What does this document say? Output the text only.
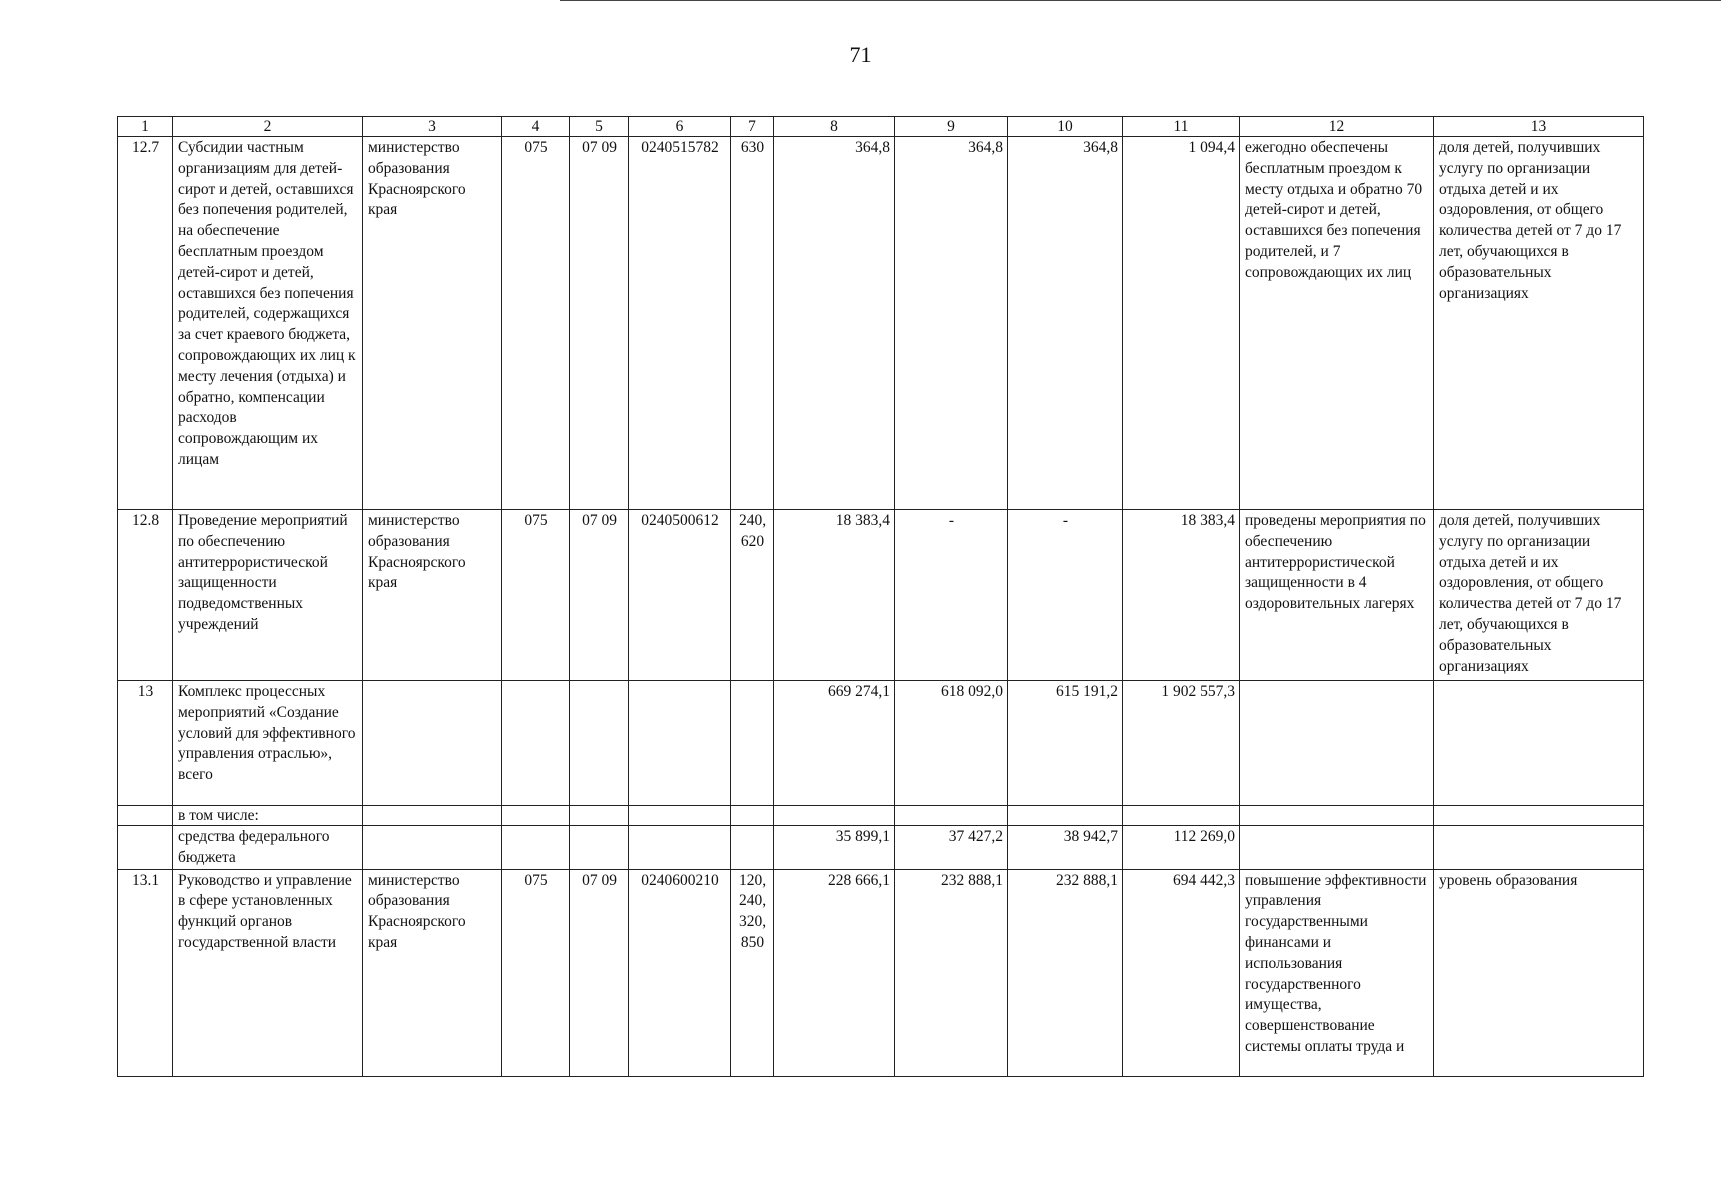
71
1	2	3	4	5	6	7	8	9	10	11	12	13
12.7	Субсидии частным организациям для детей-сирот и детей, оставшихся без попечения родителей, на обеспечение бесплатным проездом детей-сирот и детей, оставшихся без попечения родителей, содержащихся за счет краевого бюджета, сопровождающих их лиц к месту лечения (отдыха) и обратно, компенсации расходов сопровождающим их лицам	министерство образования Красноярского края	075	07 09	0240515782	630	364,8	364,8	364,8	1 094,4	ежегодно обеспечены бесплатным проездом к месту отдыха и обратно 70 детей-сирот и детей, оставшихся без попечения родителей, и 7 сопровождающих их лиц	доля детей, получивших услугу по организации отдыха детей и их оздоровления, от общего количества детей от 7 до 17 лет, обучающихся в образовательных организациях
12.8	Проведение мероприятий по обеспечению антитеррористической защищенности подведомственных учреждений	министерство образования Красноярского края	075	07 09	0240500612	240, 620	18 383,4	-	-	18 383,4	проведены мероприятия по обеспечению антитеррористической защищенности в 4 оздоровительных лагерях	доля детей, получивших услугу по организации отдыха детей и их оздоровления, от общего количества детей от 7 до 17 лет, обучающихся в образовательных организациях
13	Комплекс процессных мероприятий «Создание условий для эффективного управления отраслью», всего						669 274,1	618 092,0	615 191,2	1 902 557,3		
	в том числе:											
	средства федерального бюджета						35 899,1	37 427,2	38 942,7	112 269,0		
13.1	Руководство и управление в сфере установленных функций органов государственной власти	министерство образования Красноярского края	075	07 09	0240600210	120, 240, 320, 850	228 666,1	232 888,1	232 888,1	694 442,3	повышение эффективности управления государственными финансами и использования государственного имущества, совершенствование системы оплаты труда и	уровень образования
